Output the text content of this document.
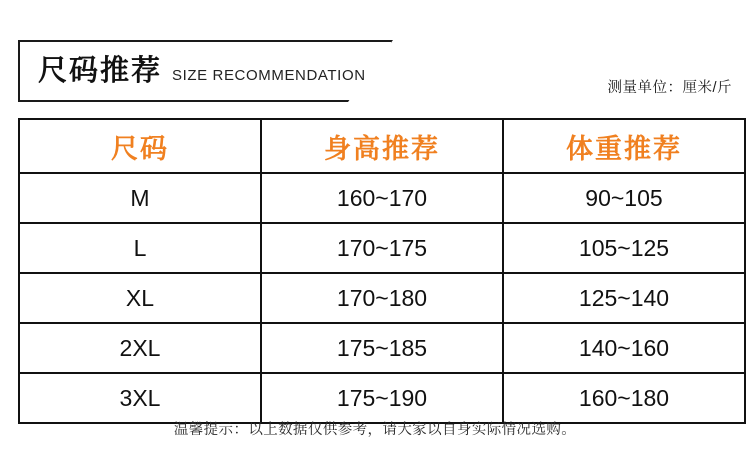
尺码推荐 SIZE RECOMMENDATION
测量单位：厘米/斤
尺码	身高推荐	体重推荐
M	160~170	90~105
L	170~175	105~125
XL	170~180	125~140
2XL	175~185	140~160
3XL	175~190	160~180
温馨提示：以上数据仅供参考，请大家以自身实际情况选购。
